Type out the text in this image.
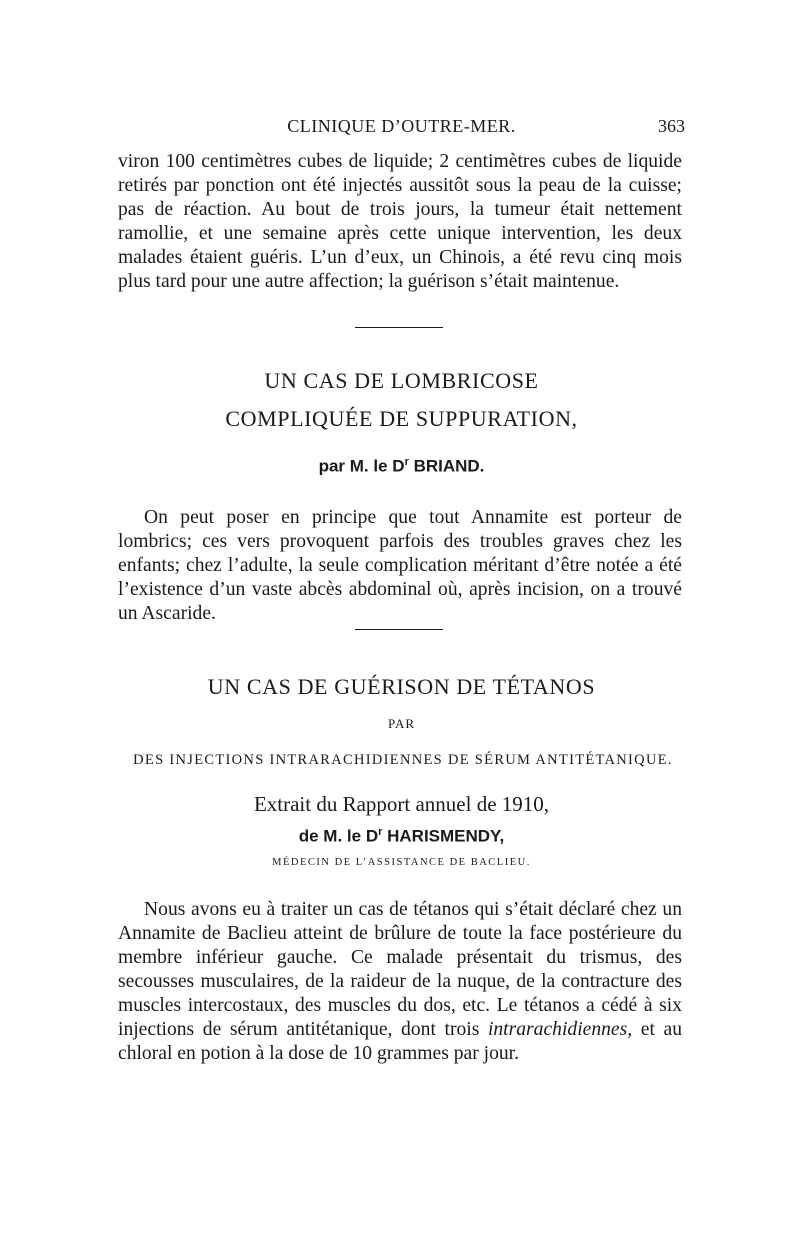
CLINIQUE D’OUTRE-MER.	363

viron 100 centimètres cubes de liquide; 2 centimètres cubes de liquide retirés par ponction ont été injectés aussitôt sous la peau de la cuisse; pas de réaction. Au bout de trois jours, la tumeur était nettement ramollie, et une semaine après cette unique intervention, les deux malades étaient guéris. L’un d’eux, un Chinois, a été revu cinq mois plus tard pour une autre affection; la guérison s’était maintenue.

UN CAS DE LOMBRICOSE
COMPLIQUÉE DE SUPPURATION,
par M. le $D^r$ BRIAND.

On peut poser en principe que tout Annamite est porteur de lombrics; ces vers provoquent parfois des troubles graves chez les enfants; chez l’adulte, la seule complication méritant d’être notée a été l’existence d’un vaste abcès abdominal où, après incision, on a trouvé un Ascaride.

UN CAS DE GUÉRISON DE TÉTANOS
PAR
DES INJECTIONS INTRARACHIDIENNES DE SÉRUM ANTITÉTANIQUE.
Extrait du Rapport annuel de 1910,
de M. le $D^r$ HARISMENDY,
MÉDECIN DE L’ASSISTANCE DE BACLIEU.

Nous avons eu à traiter un cas de tétanos qui s’était déclaré chez un Annamite de Baclieu atteint de brûlure de toute la face postérieure du membre inférieur gauche. Ce malade présentait du trismus, des secousses musculaires, de la raideur de la nuque, de la contracture des muscles intercostaux, des muscles du dos, etc. Le tétanos a cédé à six injections de sérum antitétanique, dont trois intrarachidiennes, et au chloral en potion à la dose de 10 grammes par jour.
